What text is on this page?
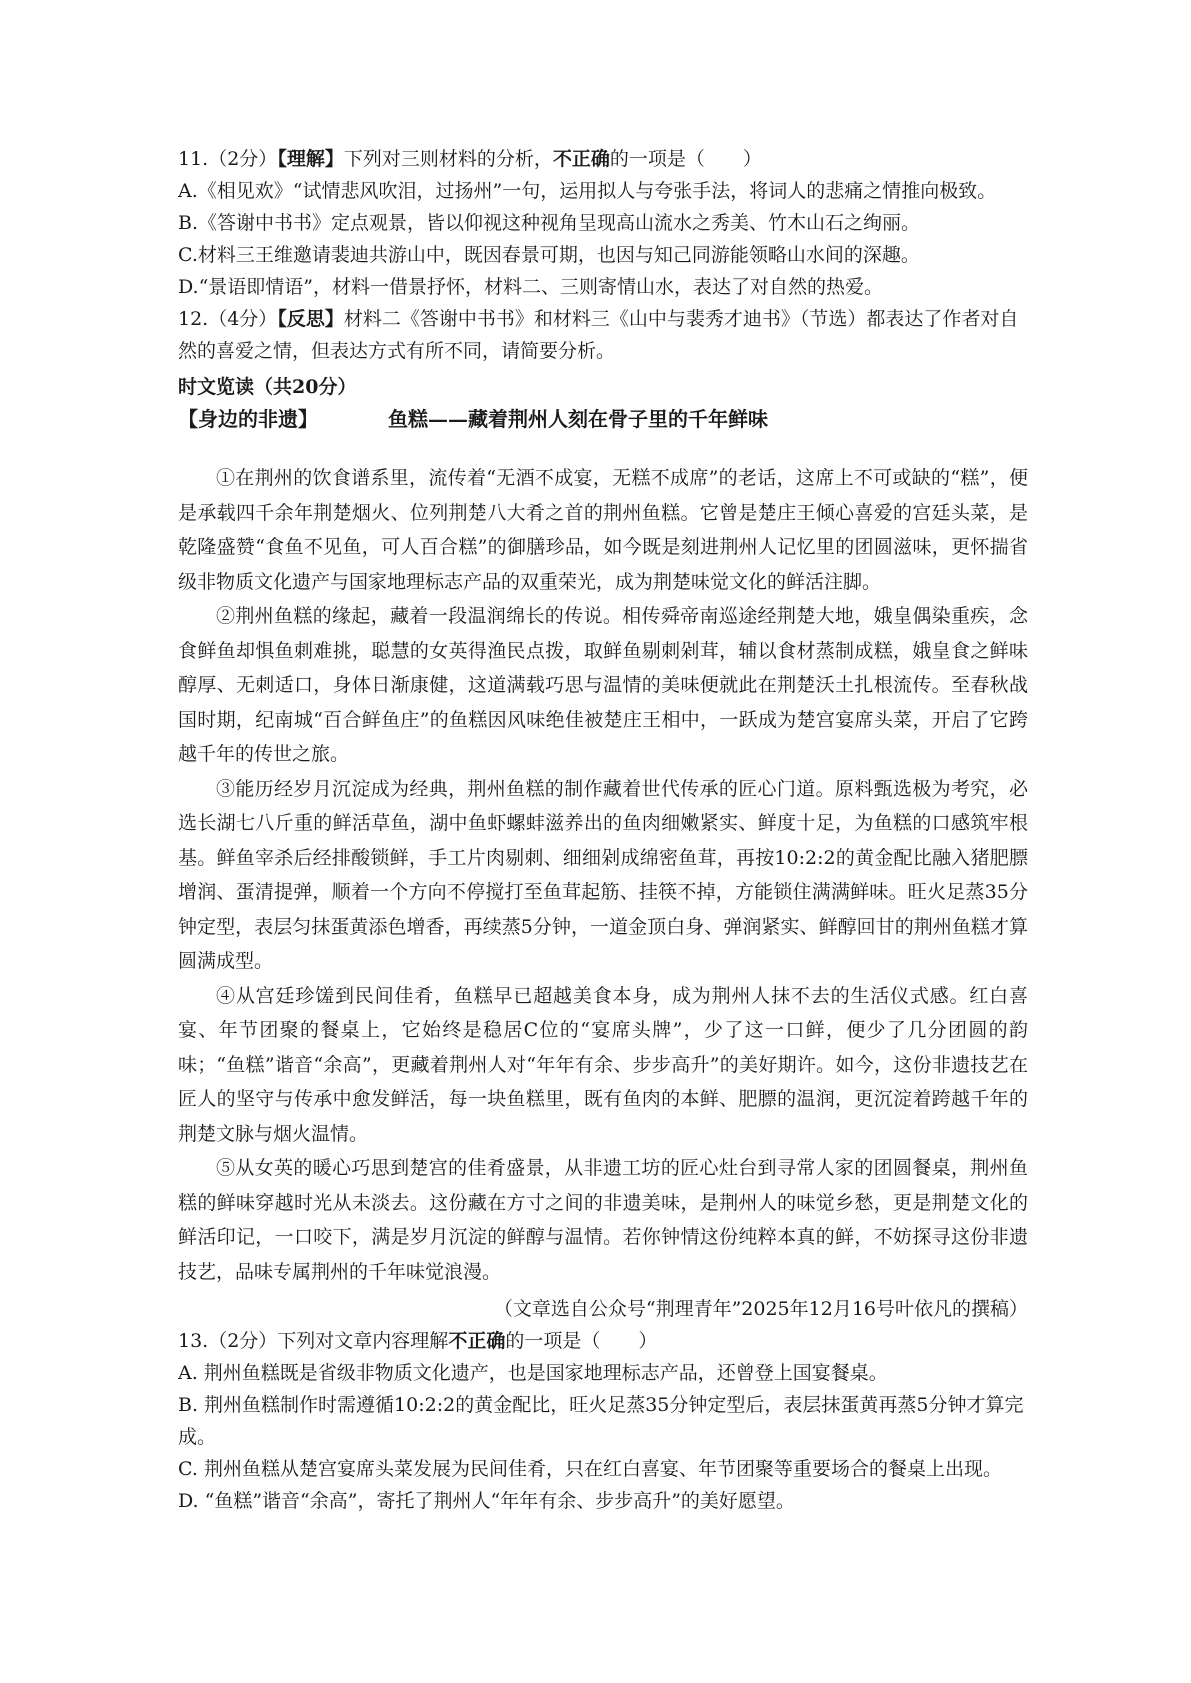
11.（2分）【理解】下列对三则材料的分析，不正确的一项是（　　）

A.《相见欢》“试情悲风吹泪，过扬州”一句，运用拟人与夸张手法，将词人的悲痛之情推向极致。

B.《答谢中书书》定点观景，皆以仰视这种视角呈现高山流水之秀美、竹木山石之绚丽。

C.材料三王维邀请裴迪共游山中，既因春景可期，也因与知己同游能领略山水间的深趣。

D.“景语即情语”，材料一借景抒怀，材料二、三则寄情山水，表达了对自然的热爱。

12.（4分）【反思】材料二《答谢中书书》和材料三《山中与裴秀才迪书》（节选）都表达了作者对自然的喜爱之情，但表达方式有所不同，请简要分析。

时文览读（共20分）

【身边的非遗】	鱼糕——藏着荆州人刻在骨子里的千年鲜味

①在荆州的饮食谱系里，流传着“无酒不成宴，无糕不成席”的老话，这席上不可或缺的“糕”，便是承载四千余年荆楚烟火、位列荆楚八大肴之首的荆州鱼糕。它曾是楚庄王倾心喜爱的宫廷头菜，是乾隆盛赞“食鱼不见鱼，可人百合糕”的御膳珍品，如今既是刻进荆州人记忆里的团圆滋味，更怀揣省级非物质文化遗产与国家地理标志产品的双重荣光，成为荆楚味觉文化的鲜活注脚。

②荆州鱼糕的缘起，藏着一段温润绵长的传说。相传舜帝南巡途经荆楚大地，娥皇偶染重疾，念食鲜鱼却惧鱼刺难挑，聪慧的女英得渔民点拨，取鲜鱼剔刺剁茸，辅以食材蒸制成糕，娥皇食之鲜味醇厚、无刺适口，身体日渐康健，这道满载巧思与温情的美味便就此在荆楚沃土扎根流传。至春秋战国时期，纪南城“百合鲜鱼庄”的鱼糕因风味绝佳被楚庄王相中，一跃成为楚宫宴席头菜，开启了它跨越千年的传世之旅。

③能历经岁月沉淀成为经典，荆州鱼糕的制作藏着世代传承的匠心门道。原料甄选极为考究，必选长湖七八斤重的鲜活草鱼，湖中鱼虾螺蚌滋养出的鱼肉细嫩紧实、鲜度十足，为鱼糕的口感筑牢根基。鲜鱼宰杀后经排酸锁鲜，手工片肉剔刺、细细剁成绵密鱼茸，再按10:2:2的黄金配比融入猪肥膘增润、蛋清提弹，顺着一个方向不停搅打至鱼茸起筋、挂筷不掉，方能锁住满满鲜味。旺火足蒸35分钟定型，表层匀抹蛋黄添色增香，再续蒸5分钟，一道金顶白身、弹润紧实、鲜醇回甘的荆州鱼糕才算圆满成型。

④从宫廷珍馐到民间佳肴，鱼糕早已超越美食本身，成为荆州人抹不去的生活仪式感。红白喜宴、年节团聚的餐桌上，它始终是稳居C位的“宴席头牌”，少了这一口鲜，便少了几分团圆的韵味；“鱼糕”谐音“余高”，更藏着荆州人对“年年有余、步步高升”的美好期许。如今，这份非遗技艺在匠人的坚守与传承中愈发鲜活，每一块鱼糕里，既有鱼肉的本鲜、肥膘的温润，更沉淀着跨越千年的荆楚文脉与烟火温情。

⑤从女英的暖心巧思到楚宫的佳肴盛景，从非遗工坊的匠心灶台到寻常人家的团圆餐桌，荆州鱼糕的鲜味穿越时光从未淡去。这份藏在方寸之间的非遗美味，是荆州人的味觉乡愁，更是荆楚文化的鲜活印记，一口咬下，满是岁月沉淀的鲜醇与温情。若你钟情这份纯粹本真的鲜，不妨探寻这份非遗技艺，品味专属荆州的千年味觉浪漫。

（文章选自公众号“荆理青年”2025年12月16号叶依凡的撰稿）

13.（2分）下列对文章内容理解不正确的一项是（　　）

A. 荆州鱼糕既是省级非物质文化遗产，也是国家地理标志产品，还曾登上国宴餐桌。

B. 荆州鱼糕制作时需遵循10:2:2的黄金配比，旺火足蒸35分钟定型后，表层抹蛋黄再蒸5分钟才算完成。

C. 荆州鱼糕从楚宫宴席头菜发展为民间佳肴，只在红白喜宴、年节团聚等重要场合的餐桌上出现。

D. “鱼糕”谐音“余高”，寄托了荆州人“年年有余、步步高升”的美好愿望。
